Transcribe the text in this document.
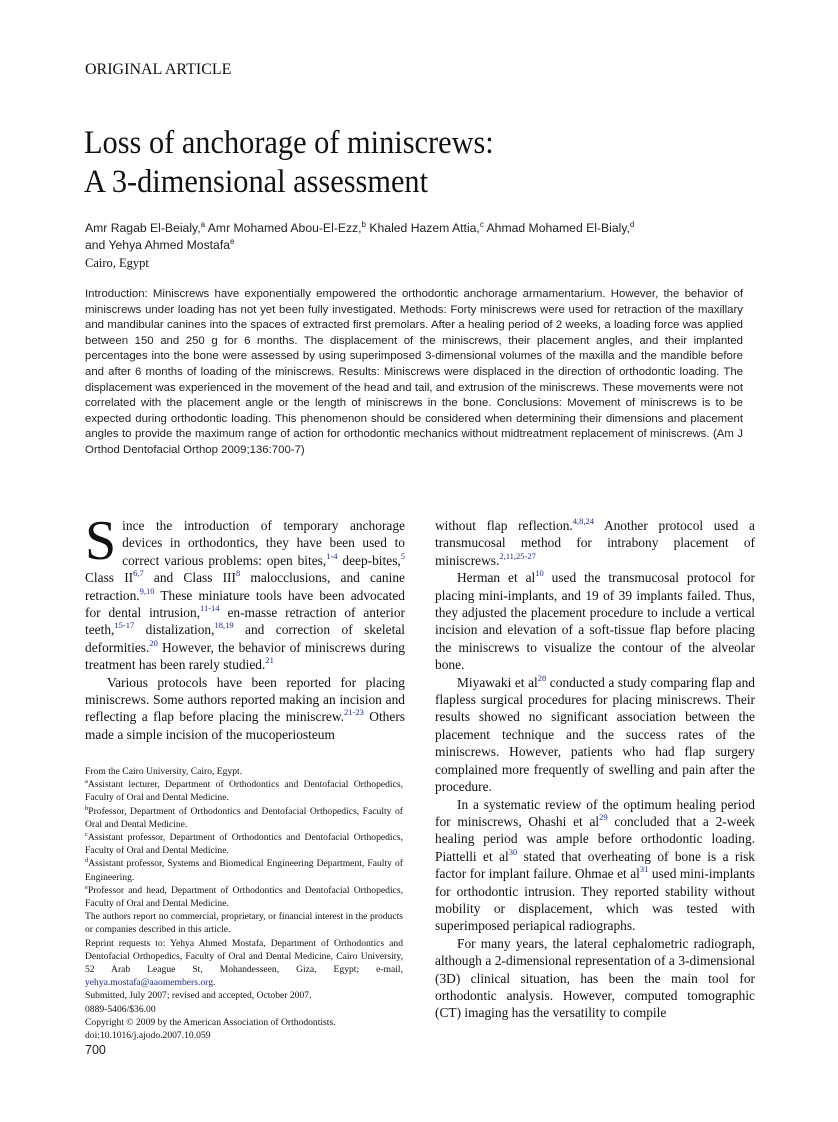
ORIGINAL ARTICLE
Loss of anchorage of miniscrews:
A 3-dimensional assessment
Amr Ragab El-Beialy,$^a$ Amr Mohamed Abou-El-Ezz,$^b$ Khaled Hazem Attia,$^c$ Ahmad Mohamed El-Bialy,$^d$
and Yehya Ahmed Mostafa$^e$
Cairo, Egypt
Introduction: Miniscrews have exponentially empowered the orthodontic anchorage armamentarium. However, the behavior of miniscrews under loading has not yet been fully investigated. Methods: Forty miniscrews were used for retraction of the maxillary and mandibular canines into the spaces of extracted first premolars. After a healing period of 2 weeks, a loading force was applied between 150 and 250 g for 6 months. The displacement of the miniscrews, their placement angles, and their implanted percentages into the bone were assessed by using superimposed 3-dimensional volumes of the maxilla and the mandible before and after 6 months of loading of the miniscrews. Results: Miniscrews were displaced in the direction of orthodontic loading. The displacement was experienced in the movement of the head and tail, and extrusion of the miniscrews. These movements were not correlated with the placement angle or the length of miniscrews in the bone. Conclusions: Movement of miniscrews is to be expected during orthodontic loading. This phenomenon should be considered when determining their dimensions and placement angles to provide the maximum range of action for orthodontic mechanics without midtreatment replacement of miniscrews. (Am J Orthod Dentofacial Orthop 2009;136:700-7)

Since the introduction of temporary anchorage devices in orthodontics, they have been used to correct various problems: open bites,$^{1-4}$ deep-bites,$^5$ Class II$^{6,7}$ and Class III$^8$ malocclusions, and canine retraction.$^{9,10}$ These miniature tools have been advocated for dental intrusion,$^{11-14}$ en-masse retraction of anterior teeth,$^{15-17}$ distalization,$^{18,19}$ and correction of skeletal deformities.$^{20}$ However, the behavior of miniscrews during treatment has been rarely studied.$^{21}$

Various protocols have been reported for placing miniscrews. Some authors reported making an incision and reflecting a flap before placing the miniscrew.$^{21-23}$ Others made a simple incision of the mucoperiosteum

From the Cairo University, Cairo, Egypt.

$^a$Assistant lecturer, Department of Orthodontics and Dentofacial Orthopedics, Faculty of Oral and Dental Medicine.

$^b$Professor, Department of Orthodontics and Dentofacial Orthopedics, Faculty of Oral and Dental Medicine.

$^c$Assistant professor, Department of Orthodontics and Dentofacial Orthopedics, Faculty of Oral and Dental Medicine.

$^d$Assistant professor, Systems and Biomedical Engineering Department, Faulty of Engineering.

$^e$Professor and head, Department of Orthodontics and Dentofacial Orthopedics, Faculty of Oral and Dental Medicine.

The authors report no commercial, proprietary, or financial interest in the products or companies described in this article.

Reprint requests to: Yehya Ahmed Mostafa, Department of Orthodontics and Dentofacial Orthopedics, Faculty of Oral and Dental Medicine, Cairo University, 52 Arab League St, Mohandesseen, Giza, Egypt; e-mail, yehya.mostafa@aaomembers.org.

Submitted, July 2007; revised and accepted, October 2007.

0889-5406/$36.00

Copyright © 2009 by the American Association of Orthodontists.

doi:10.1016/j.ajodo.2007.10.059

without flap reflection.$^{4,8,24}$ Another protocol used a transmucosal method for intrabony placement of miniscrews.$^{2,11,25-27}$

Herman et al$^{10}$ used the transmucosal protocol for placing mini-implants, and 19 of 39 implants failed. Thus, they adjusted the placement procedure to include a vertical incision and elevation of a soft-tissue flap before placing the miniscrews to visualize the contour of the alveolar bone.

Miyawaki et al$^{28}$ conducted a study comparing flap and flapless surgical procedures for placing miniscrews. Their results showed no significant association between the placement technique and the success rates of the miniscrews. However, patients who had flap surgery complained more frequently of swelling and pain after the procedure.

In a systematic review of the optimum healing period for miniscrews, Ohashi et al$^{29}$ concluded that a 2-week healing period was ample before orthodontic loading. Piattelli et al$^{30}$ stated that overheating of bone is a risk factor for implant failure. Ohmae et al$^{31}$ used mini-implants for orthodontic intrusion. They reported stability without mobility or displacement, which was tested with superimposed periapical radiographs.

For many years, the lateral cephalometric radiograph, although a 2-dimensional representation of a 3-dimensional (3D) clinical situation, has been the main tool for orthodontic analysis. However, computed tomographic (CT) imaging has the versatility to compile

700
